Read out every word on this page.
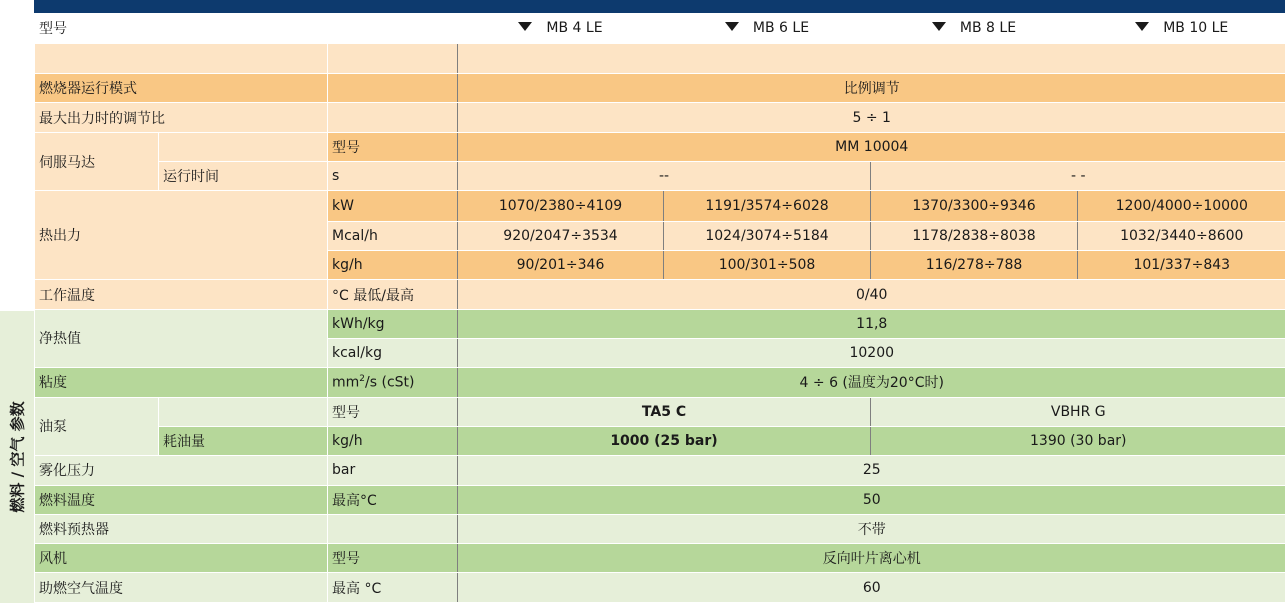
燃料 / 空气 参数
型号			MB 4 LE	MB 6 LE	MB 8 LE	MB 10 LE

燃烧器运行模式			比例调节			
最大出力时的调节比			5 ÷ 1			
伺服马达		型号	MM 10004			
	运行时间	s	--		- -	
热出力		kW	1070/2380÷4109	1191/3574÷6028	1370/3300÷9346	1200/4000÷10000
		Mcal/h	920/2047÷3534	1024/3074÷5184	1178/2838÷8038	1032/3440÷8600
		kg/h	90/201÷346	100/301÷508	116/278÷788	101/337÷843
工作温度		°C 最低/最高	0/40			
净热值		kWh/kg	11,8			
		kcal/kg	10200			
粘度		$mm^2/s$ (cSt)	4 ÷ 6 (温度为20°C时)			
油泵		型号	TA5 C		VBHR G	
	耗油量	kg/h	1000 (25 bar)		1390 (30 bar)	
雾化压力		bar	25			
燃料温度		最高°C	50			
燃料预热器			不带			
风机		型号	反向叶片离心机			
助燃空气温度		最高 °C	60			
